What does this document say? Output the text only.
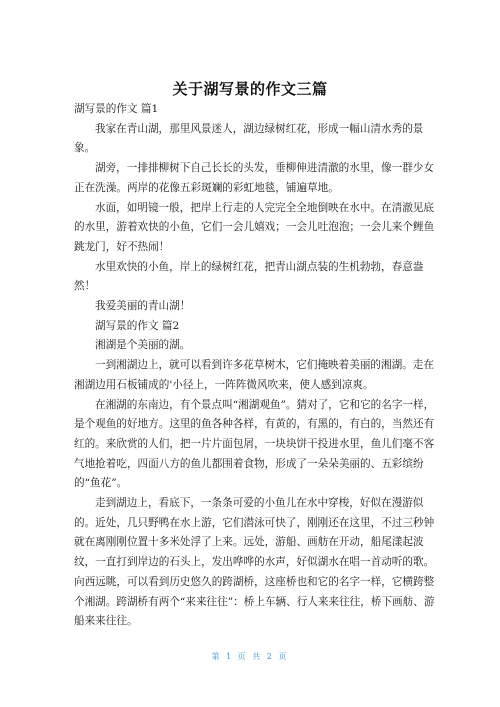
关于湖写景的作文三篇

湖写景的作文 篇1

我家在青山湖，那里风景迷人，湖边绿树红花，形成一幅山清水秀的景象。

湖旁，一排排柳树下自己长长的头发，垂柳伸进清澈的水里，像一群少女正在洗澡。两岸的花像五彩斑斓的彩虹地毯，铺遍草地。

水面，如明镜一般，把岸上行走的人完完全全地倒映在水中。在清澈见底的水里，游着欢快的小鱼，它们一会儿嬉戏；一会儿吐泡泡；一会儿来个鲤鱼跳龙门，好不热闹！

水里欢快的小鱼，岸上的绿树红花，把青山湖点装的生机勃勃，春意盎然！

我爱美丽的青山湖！

湖写景的作文 篇2

湘湖是个美丽的湖。

一到湘湖边上，就可以看到许多花草树木，它们掩映着美丽的湘湖。走在湘湖边用石板铺成的'小径上，一阵阵微风吹来，使人感到凉爽。

在湘湖的东南边，有个景点叫“湘湖观鱼”。猜对了，它和它的名字一样，是个观鱼的好地方。这里的鱼各种各样，有黄的，有黑的，有白的，当然还有红的。来欣赏的人们，把一片片面包屑，一块块饼干投进水里，鱼儿们毫不客气地抢着吃，四面八方的鱼儿都围着食物，形成了一朵朵美丽的、五彩缤纷的“鱼花”。

走到湖边上，看底下，一条条可爱的小鱼儿在水中穿梭，好似在漫游似的。近处，几只野鸭在水上游，它们潜泳可快了，刚刚还在这里，不过三秒钟就在离刚刚位置十多米处浮了上来。远处，游船、画舫在开动，船尾漾起波纹，一直打到岸边的石头上，发出哗哗的水声，好似湖水在唱一首动听的歌。向西远眺，可以看到历史悠久的跨湖桥，这座桥也和它的名字一样，它横跨整个湘湖。跨湖桥有两个“来来往往”：桥上车辆、行人来来往往，桥下画舫、游船来来往往。

第 1 页 共 2 页
